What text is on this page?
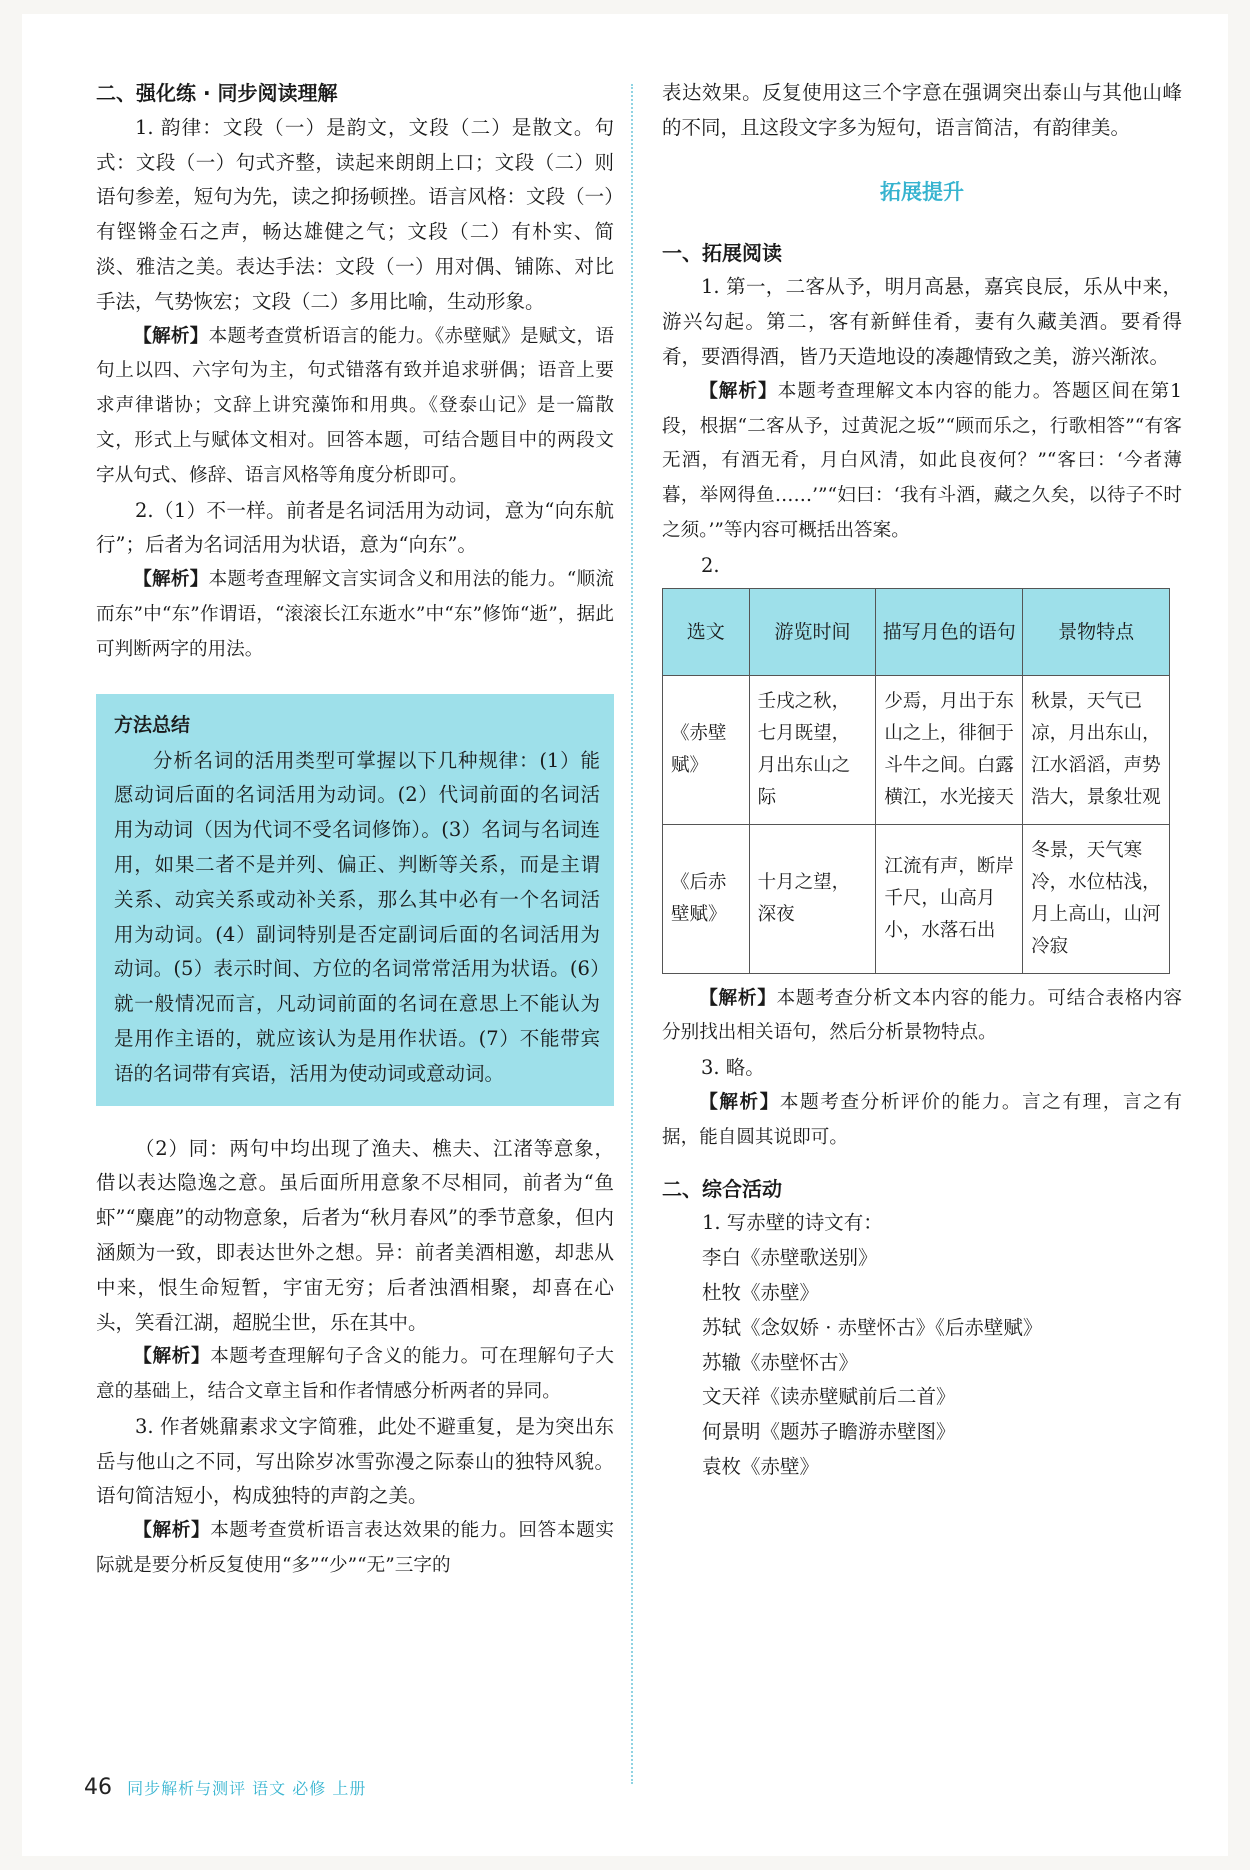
二、强化练 · 同步阅读理解

1. 韵律：文段（一）是韵文，文段（二）是散文。句式：文段（一）句式齐整，读起来朗朗上口；文段（二）则语句参差，短句为先，读之抑扬顿挫。语言风格：文段（一）有铿锵金石之声，畅达雄健之气；文段（二）有朴实、简淡、雅洁之美。表达手法：文段（一）用对偶、铺陈、对比手法，气势恢宏；文段（二）多用比喻，生动形象。

【解析】本题考查赏析语言的能力。《赤壁赋》是赋文，语句上以四、六字句为主，句式错落有致并追求骈偶；语音上要求声律谐协；文辞上讲究藻饰和用典。《登泰山记》是一篇散文，形式上与赋体文相对。回答本题，可结合题目中的两段文字从句式、修辞、语言风格等角度分析即可。

2.（1）不一样。前者是名词活用为动词，意为“向东航行”；后者为名词活用为状语，意为“向东”。

【解析】本题考查理解文言实词含义和用法的能力。“顺流而东”中“东”作谓语，“滚滚长江东逝水”中“东”修饰“逝”，据此可判断两字的用法。

方法总结

分析名词的活用类型可掌握以下几种规律：(1）能愿动词后面的名词活用为动词。(2）代词前面的名词活用为动词（因为代词不受名词修饰）。(3）名词与名词连用，如果二者不是并列、偏正、判断等关系，而是主谓关系、动宾关系或动补关系，那么其中必有一个名词活用为动词。(4）副词特别是否定副词后面的名词活用为动词。(5）表示时间、方位的名词常常活用为状语。(6）就一般情况而言，凡动词前面的名词在意思上不能认为是用作主语的，就应该认为是用作状语。(7）不能带宾语的名词带有宾语，活用为使动词或意动词。

（2）同：两句中均出现了渔夫、樵夫、江渚等意象，借以表达隐逸之意。虽后面所用意象不尽相同，前者为“鱼虾”“麋鹿”的动物意象，后者为“秋月春风”的季节意象，但内涵颇为一致，即表达世外之想。异：前者美酒相邀，却悲从中来，恨生命短暂，宇宙无穷；后者浊酒相聚，却喜在心头，笑看江湖，超脱尘世，乐在其中。

【解析】本题考查理解句子含义的能力。可在理解句子大意的基础上，结合文章主旨和作者情感分析两者的异同。

3. 作者姚鼐素求文字简雅，此处不避重复，是为突出东岳与他山之不同，写出除岁冰雪弥漫之际泰山的独特风貌。语句简洁短小，构成独特的声韵之美。

【解析】本题考查赏析语言表达效果的能力。回答本题实际就是要分析反复使用“多”“少”“无”三字的

表达效果。反复使用这三个字意在强调突出泰山与其他山峰的不同，且这段文字多为短句，语言简洁，有韵律美。

拓展提升
一、拓展阅读

1. 第一，二客从予，明月高悬，嘉宾良辰，乐从中来，游兴勾起。第二，客有新鲜佳肴，妻有久藏美酒。要肴得肴，要酒得酒，皆乃天造地设的凑趣情致之美，游兴渐浓。

【解析】本题考查理解文本内容的能力。答题区间在第1段，根据“二客从予，过黄泥之坂”“顾而乐之，行歌相答”“有客无酒，有酒无肴，月白风清，如此良夜何？”“客曰：‘今者薄暮，举网得鱼……’”“妇曰：‘我有斗酒，藏之久矣，以待子不时之须。’”等内容可概括出答案。

2.

选文	游览时间	描写月色的语句	景物特点
《赤壁赋》	壬戌之秋，七月既望，月出东山之际	少焉，月出于东山之上，徘徊于斗牛之间。白露横江，水光接天	秋景，天气已凉，月出东山，江水滔滔，声势浩大，景象壮观
《后赤壁赋》	十月之望，深夜	江流有声，断岸千尺，山高月小，水落石出	冬景，天气寒冷，水位枯浅，月上高山，山河冷寂

【解析】本题考查分析文本内容的能力。可结合表格内容分别找出相关语句，然后分析景物特点。

3. 略。

【解析】本题考查分析评价的能力。言之有理，言之有据，能自圆其说即可。

二、综合活动

1. 写赤壁的诗文有：

李白《赤壁歌送别》

杜牧《赤壁》

苏轼《念奴娇 · 赤壁怀古》《后赤壁赋》

苏辙《赤壁怀古》

文天祥《读赤壁赋前后二首》

何景明《题苏子瞻游赤壁图》

袁枚《赤壁》

46 同步解析与测评 语文 必修 上册
